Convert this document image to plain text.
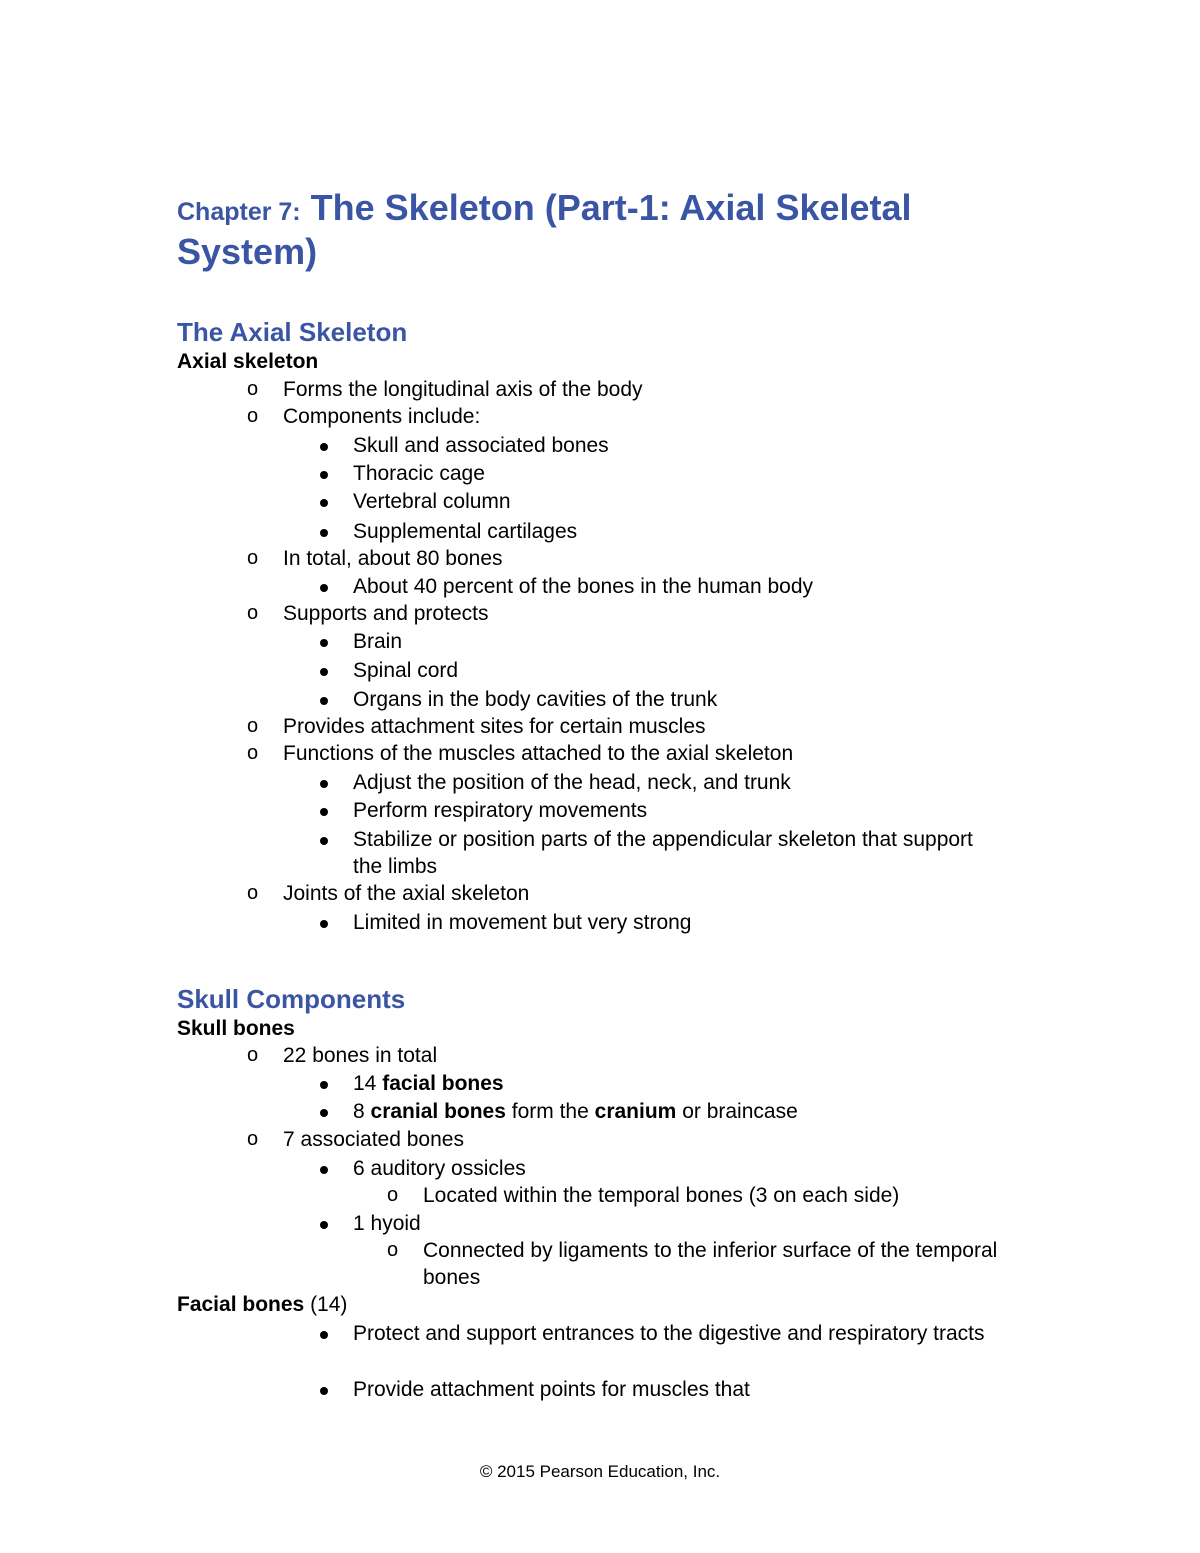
Chapter 7: The Skeleton (Part-1: Axial Skeletal System)
The Axial Skeleton
Axial skeleton
o Forms the longitudinal axis of the body
o Components include:
Skull and associated bones
Thoracic cage
Vertebral column
Supplemental cartilages
o In total, about 80 bones
About 40 percent of the bones in the human body
o Supports and protects
Brain
Spinal cord
Organs in the body cavities of the trunk
o Provides attachment sites for certain muscles
o Functions of the muscles attached to the axial skeleton
Adjust the position of the head, neck, and trunk
Perform respiratory movements
Stabilize or position parts of the appendicular skeleton that support the limbs
o Joints of the axial skeleton
Limited in movement but very strong
Skull Components
Skull bones
o 22 bones in total
14 facial bones
8 cranial bones form the cranium or braincase
o 7 associated bones
6 auditory ossicles
o Located within the temporal bones (3 on each side)
1 hyoid
o Connected by ligaments to the inferior surface of the temporal bones
Facial bones (14)
Protect and support entrances to the digestive and respiratory tracts
Provide attachment points for muscles that
© 2015 Pearson Education, Inc.
